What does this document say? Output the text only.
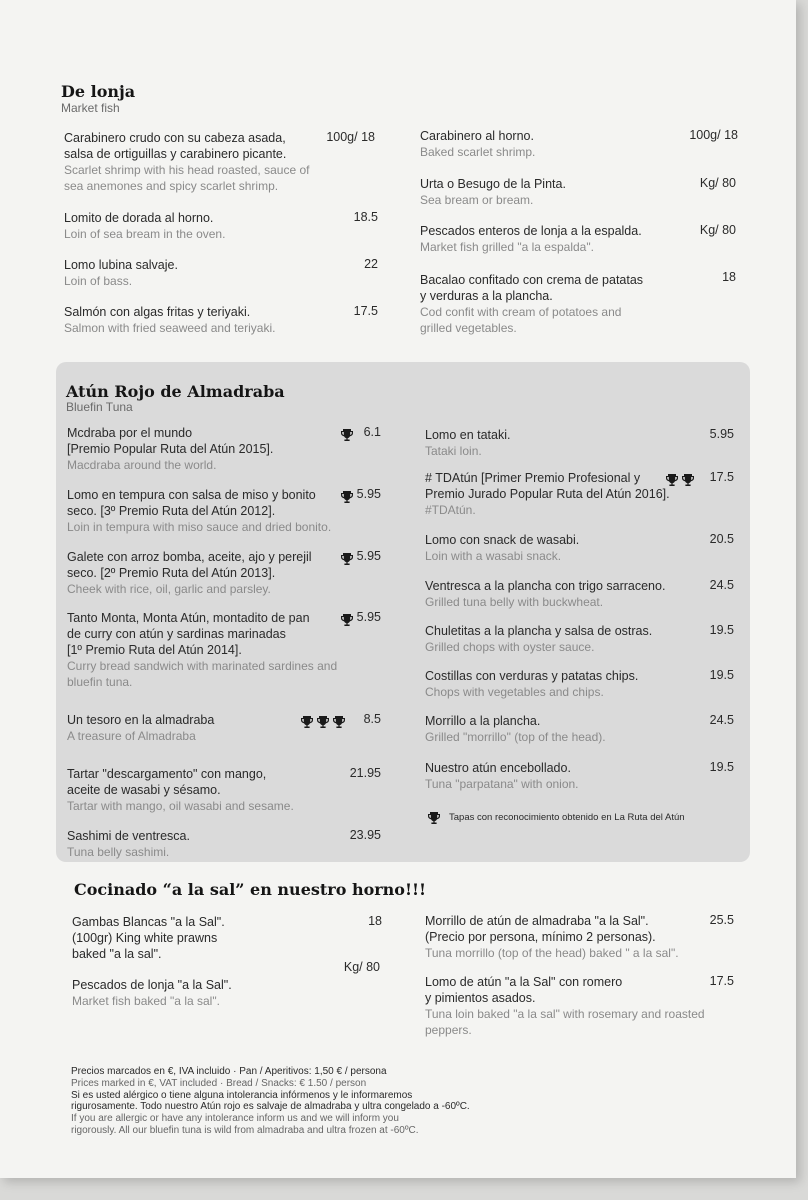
De lonja
Market fish
Carabinero crudo con su cabeza asada,
salsa de ortiguillas y carabinero picante.
Scarlet shrimp with his head roasted, sauce of
sea anemones and spicy scarlet shrimp.
100g/ 18
Lomito de dorada al horno.
Loin of sea bream in the oven.
18.5
Lomo lubina salvaje.
Loin of bass.
22
Salmón con algas fritas y teriyaki.
Salmon with fried seaweed and teriyaki.
17.5
Carabinero al horno.
Baked scarlet shrimp.
100g/ 18
Urta o Besugo de la Pinta.
Sea bream or bream.
Kg/ 80
Pescados enteros de lonja a la espalda.
Market fish grilled "a la espalda".
Kg/ 80
Bacalao confitado con crema de patatas
y verduras a la plancha.
Cod confit with cream of potatoes and
grilled vegetables.
18
Atún Rojo de Almadraba
Bluefin Tuna
Mcdraba por el mundo
[Premio Popular Ruta del Atún 2015].
Macdraba around the world.
6.1
Lomo en tempura con salsa de miso y bonito
seco. [3º Premio Ruta del Atún 2012].
Loin in tempura with miso sauce and dried bonito.
5.95
Galete con arroz bomba, aceite, ajo y perejil
seco. [2º Premio Ruta del Atún 2013].
Cheek with rice, oil, garlic and parsley.
5.95
Tanto Monta, Monta Atún, montadito de pan
de curry con atún y sardinas marinadas
[1º Premio Ruta del Atún 2014].
Curry bread sandwich with marinated sardines and
bluefin tuna.
5.95
Un tesoro en la almadraba
A treasure of Almadraba
8.5
Tartar "descargamento" con mango,
aceite de wasabi y sésamo.
Tartar with mango, oil wasabi and sesame.
21.95
Sashimi de ventresca.
Tuna belly sashimi.
23.95
Lomo en tataki.
Tataki loin.
5.95
# TDAtún [Primer Premio Profesional y
Premio Jurado Popular Ruta del Atún 2016].
#TDAtún.
17.5
Lomo con snack de wasabi.
Loin with a wasabi snack.
20.5
Ventresca a la plancha con trigo sarraceno.
Grilled tuna belly with buckwheat.
24.5
Chuletitas a la plancha y salsa de ostras.
Grilled chops with oyster sauce.
19.5
Costillas con verduras y patatas chips.
Chops with vegetables and chips.
19.5
Morrillo a la plancha.
Grilled "morrillo" (top of the head).
24.5
Nuestro atún encebollado.
Tuna "parpatana" with onion.
19.5
Tapas con reconocimiento obtenido en La Ruta del Atún
Cocinado “a la sal” en nuestro horno!!!
Gambas Blancas "a la Sal".
(100gr) King white prawns
baked "a la sal".
18
Kg/ 80
Pescados de lonja "a la Sal".
Market fish baked "a la sal".
Morrillo de atún de almadraba "a la Sal".
(Precio por persona, mínimo 2 personas).
Tuna morrillo (top of the head) baked " a la sal".
25.5
Lomo de atún "a la Sal" con romero
y pimientos asados.
Tuna loin baked "a la sal" with rosemary and roasted
peppers.
17.5
Precios marcados en €, IVA incluido · Pan / Aperitivos: 1,50 € / persona
Prices marked in €, VAT included · Bread / Snacks: € 1.50 / person
Si es usted alérgico o tiene alguna intolerancia infórmenos y le informaremos
rigurosamente. Todo nuestro Atún rojo es salvaje de almadraba y ultra congelado a -60ºC.
If you are allergic or have any intolerance inform us and we will inform you
rigorously. All our bluefin tuna is wild from almadraba and ultra frozen at -60ºC.
